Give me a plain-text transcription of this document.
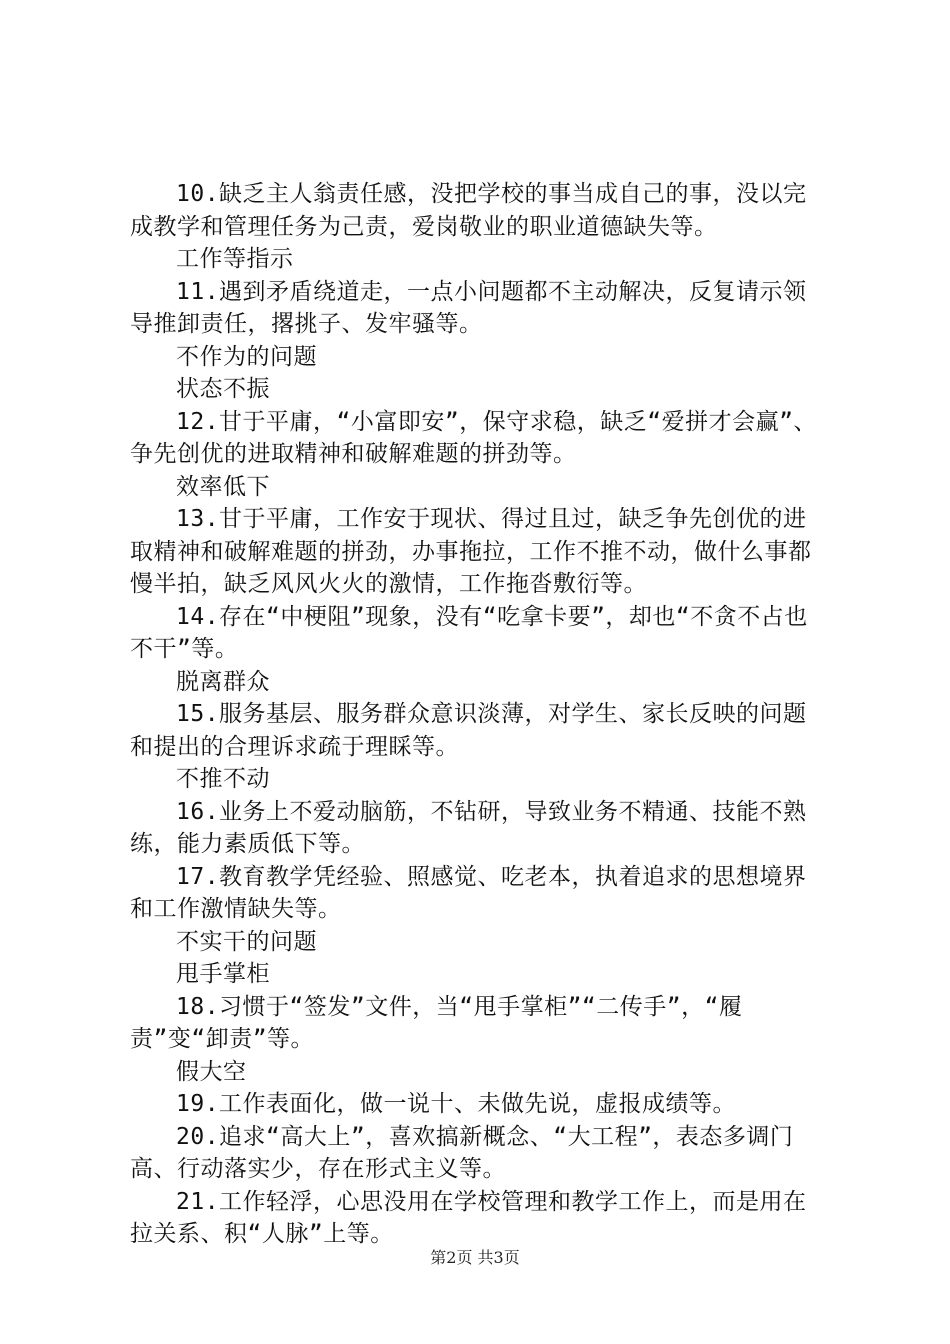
10.缺乏主人翁责任感，没把学校的事当成自己的事，没以完成教学和管理任务为己责，爱岗敬业的职业道德缺失等。

工作等指示

11.遇到矛盾绕道走，一点小问题都不主动解决，反复请示领导推卸责任，撂挑子、发牢骚等。

不作为的问题

状态不振

12.甘于平庸，“小富即安”，保守求稳，缺乏“爱拼才会赢”、争先创优的进取精神和破解难题的拼劲等。

效率低下

13.甘于平庸，工作安于现状、得过且过，缺乏争先创优的进取精神和破解难题的拼劲，办事拖拉，工作不推不动，做什么事都慢半拍，缺乏风风火火的激情，工作拖沓敷衍等。

14.存在“中梗阻”现象，没有“吃拿卡要”，却也“不贪不占也不干”等。

脱离群众

15.服务基层、服务群众意识淡薄，对学生、家长反映的问题和提出的合理诉求疏于理睬等。

不推不动

16.业务上不爱动脑筋，不钻研，导致业务不精通、技能不熟练，能力素质低下等。

17.教育教学凭经验、照感觉、吃老本，执着追求的思想境界和工作激情缺失等。

不实干的问题

甩手掌柜

18.习惯于“签发”文件，当“甩手掌柜”“二传手”，“履责”变“卸责”等。

假大空

19.工作表面化，做一说十、未做先说，虚报成绩等。

20.追求“高大上”，喜欢搞新概念、“大工程”，表态多调门高、行动落实少，存在形式主义等。

21.工作轻浮，心思没用在学校管理和教学工作上，而是用在拉关系、积“人脉”上等。

第2页 共3页
